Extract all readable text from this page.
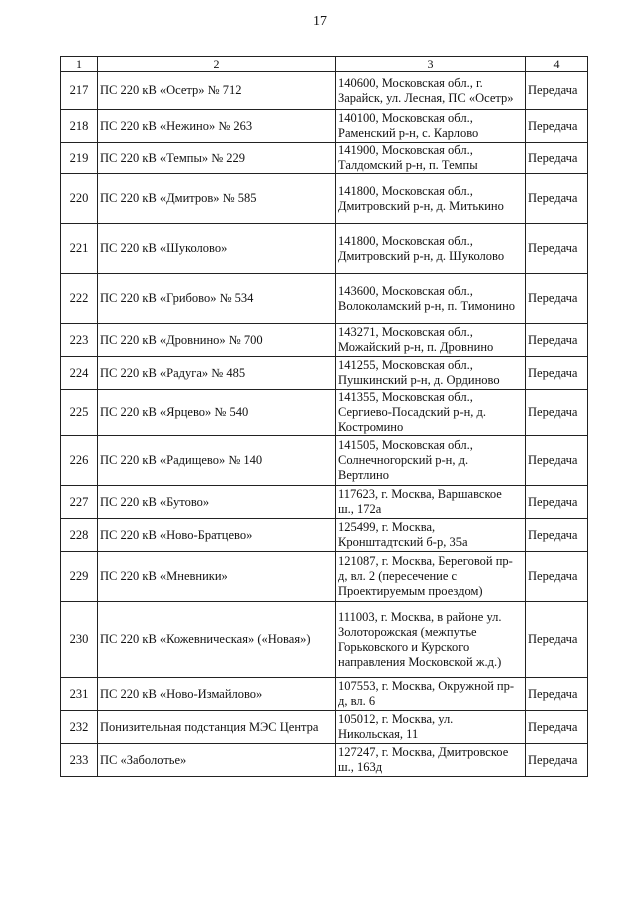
17
1	2	3	4
217	ПС 220 кВ «Осетр» № 712	140600, Московская обл., г.
Зарайск, ул. Лесная, ПС «Осетр»	Передача
218	ПС 220 кВ «Нежино» № 263	140100, Московская обл.,
Раменский р-н, с. Карлово	Передача
219	ПС 220 кВ «Темпы» № 229	141900, Московская обл.,
Талдомский р-н, п. Темпы	Передача
220	ПС 220 кВ «Дмитров» № 585	141800, Московская обл.,
Дмитровский р-н, д. Митькино	Передача
221	ПС 220 кВ «Шуколово»	141800, Московская обл.,
Дмитровский р-н, д. Шуколово	Передача
222	ПС 220 кВ «Грибово» № 534	143600, Московская обл.,
Волоколамский р-н, п. Тимонино	Передача
223	ПС 220 кВ «Дровнино» № 700	143271, Московская обл.,
Можайский р-н, п. Дровнино	Передача
224	ПС 220 кВ «Радуга» № 485	141255, Московская обл.,
Пушкинский р-н, д. Ординово	Передача
225	ПС 220 кВ «Ярцево» № 540	141355, Московская обл.,
Сергиево-Посадский р-н, д.
Костромино	Передача
226	ПС 220 кВ «Радищево» № 140	141505, Московская обл.,
Солнечногорский р-н, д.
Вертлино	Передача
227	ПС 220 кВ «Бутово»	117623, г. Москва, Варшавское
ш., 172а	Передача
228	ПС 220 кВ «Ново-Братцево»	125499, г. Москва,
Кронштадтский б-р, 35а	Передача
229	ПС 220 кВ «Мневники»	121087, г. Москва, Береговой пр-
д, вл. 2 (пересечение с
Проектируемым проездом)	Передача
230	ПС 220 кВ «Кожевническая» («Новая»)	111003, г. Москва, в районе ул.
Золоторожская (межпутье
Горьковского и Курского
направления Московской ж.д.)	Передача
231	ПС 220 кВ «Ново-Измайлово»	107553, г. Москва, Окружной пр-
д, вл. 6	Передача
232	Понизительная подстанция МЭС Центра	105012, г. Москва, ул.
Никольская, 11	Передача
233	ПС «Заболотье»	127247, г. Москва, Дмитровское
ш., 163д	Передача
